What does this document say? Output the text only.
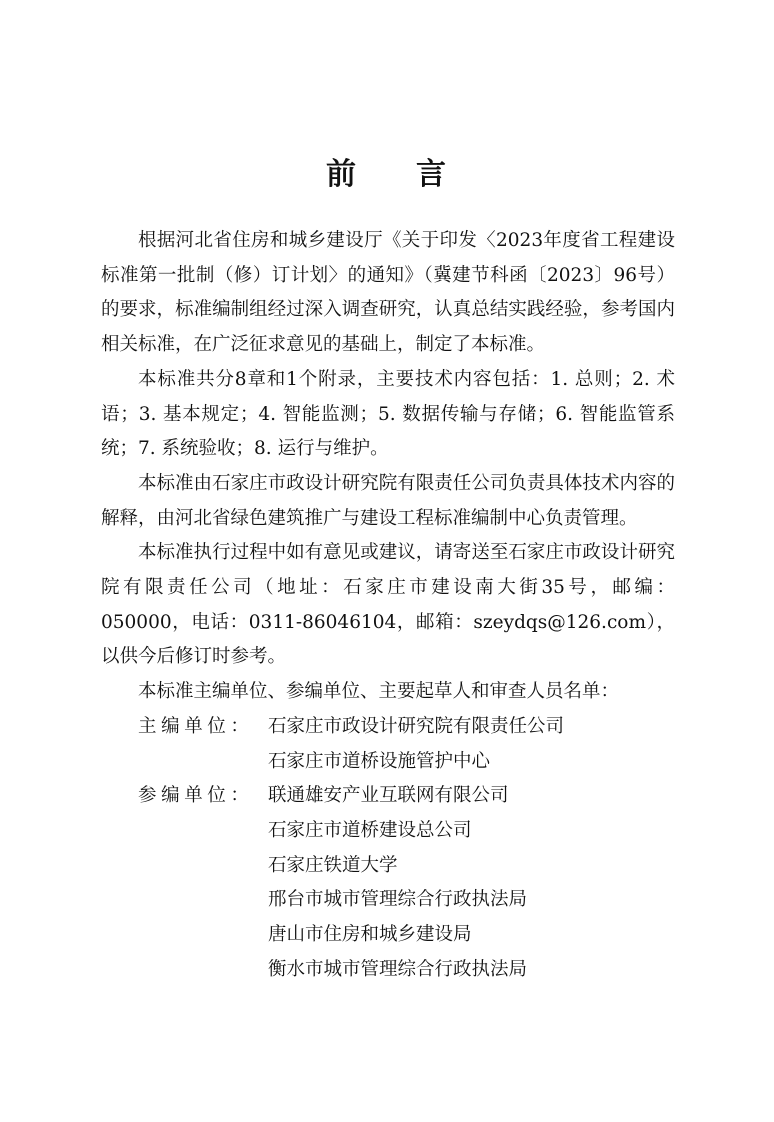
前 言

根据河北省住房和城乡建设厅《关于印发〈2023年度省工程建设标准第一批制（修）订计划〉的通知》（冀建节科函〔2023〕96号）的要求，标准编制组经过深入调查研究，认真总结实践经验，参考国内相关标准，在广泛征求意见的基础上，制定了本标准。

本标准共分8章和1个附录，主要技术内容包括：1. 总则；2. 术语；3. 基本规定；4. 智能监测；5. 数据传输与存储；6. 智能监管系统；7. 系统验收；8. 运行与维护。

本标准由石家庄市政设计研究院有限责任公司负责具体技术内容的解释，由河北省绿色建筑推广与建设工程标准编制中心负责管理。

本标准执行过程中如有意见或建议，请寄送至石家庄市政设计研究院有限责任公司（地址：石家庄市建设南大街35号，邮编：050000，电话：0311-86046104，邮箱：szeydqs@126.com），以供今后修订时参考。

本标准主编单位、参编单位、主要起草人和审查人员名单：

主编单位： 石家庄市政设计研究院有限责任公司
石家庄市道桥设施管护中心
参编单位： 联通雄安产业互联网有限公司
石家庄市道桥建设总公司
石家庄铁道大学
邢台市城市管理综合行政执法局
唐山市住房和城乡建设局
衡水市城市管理综合行政执法局
